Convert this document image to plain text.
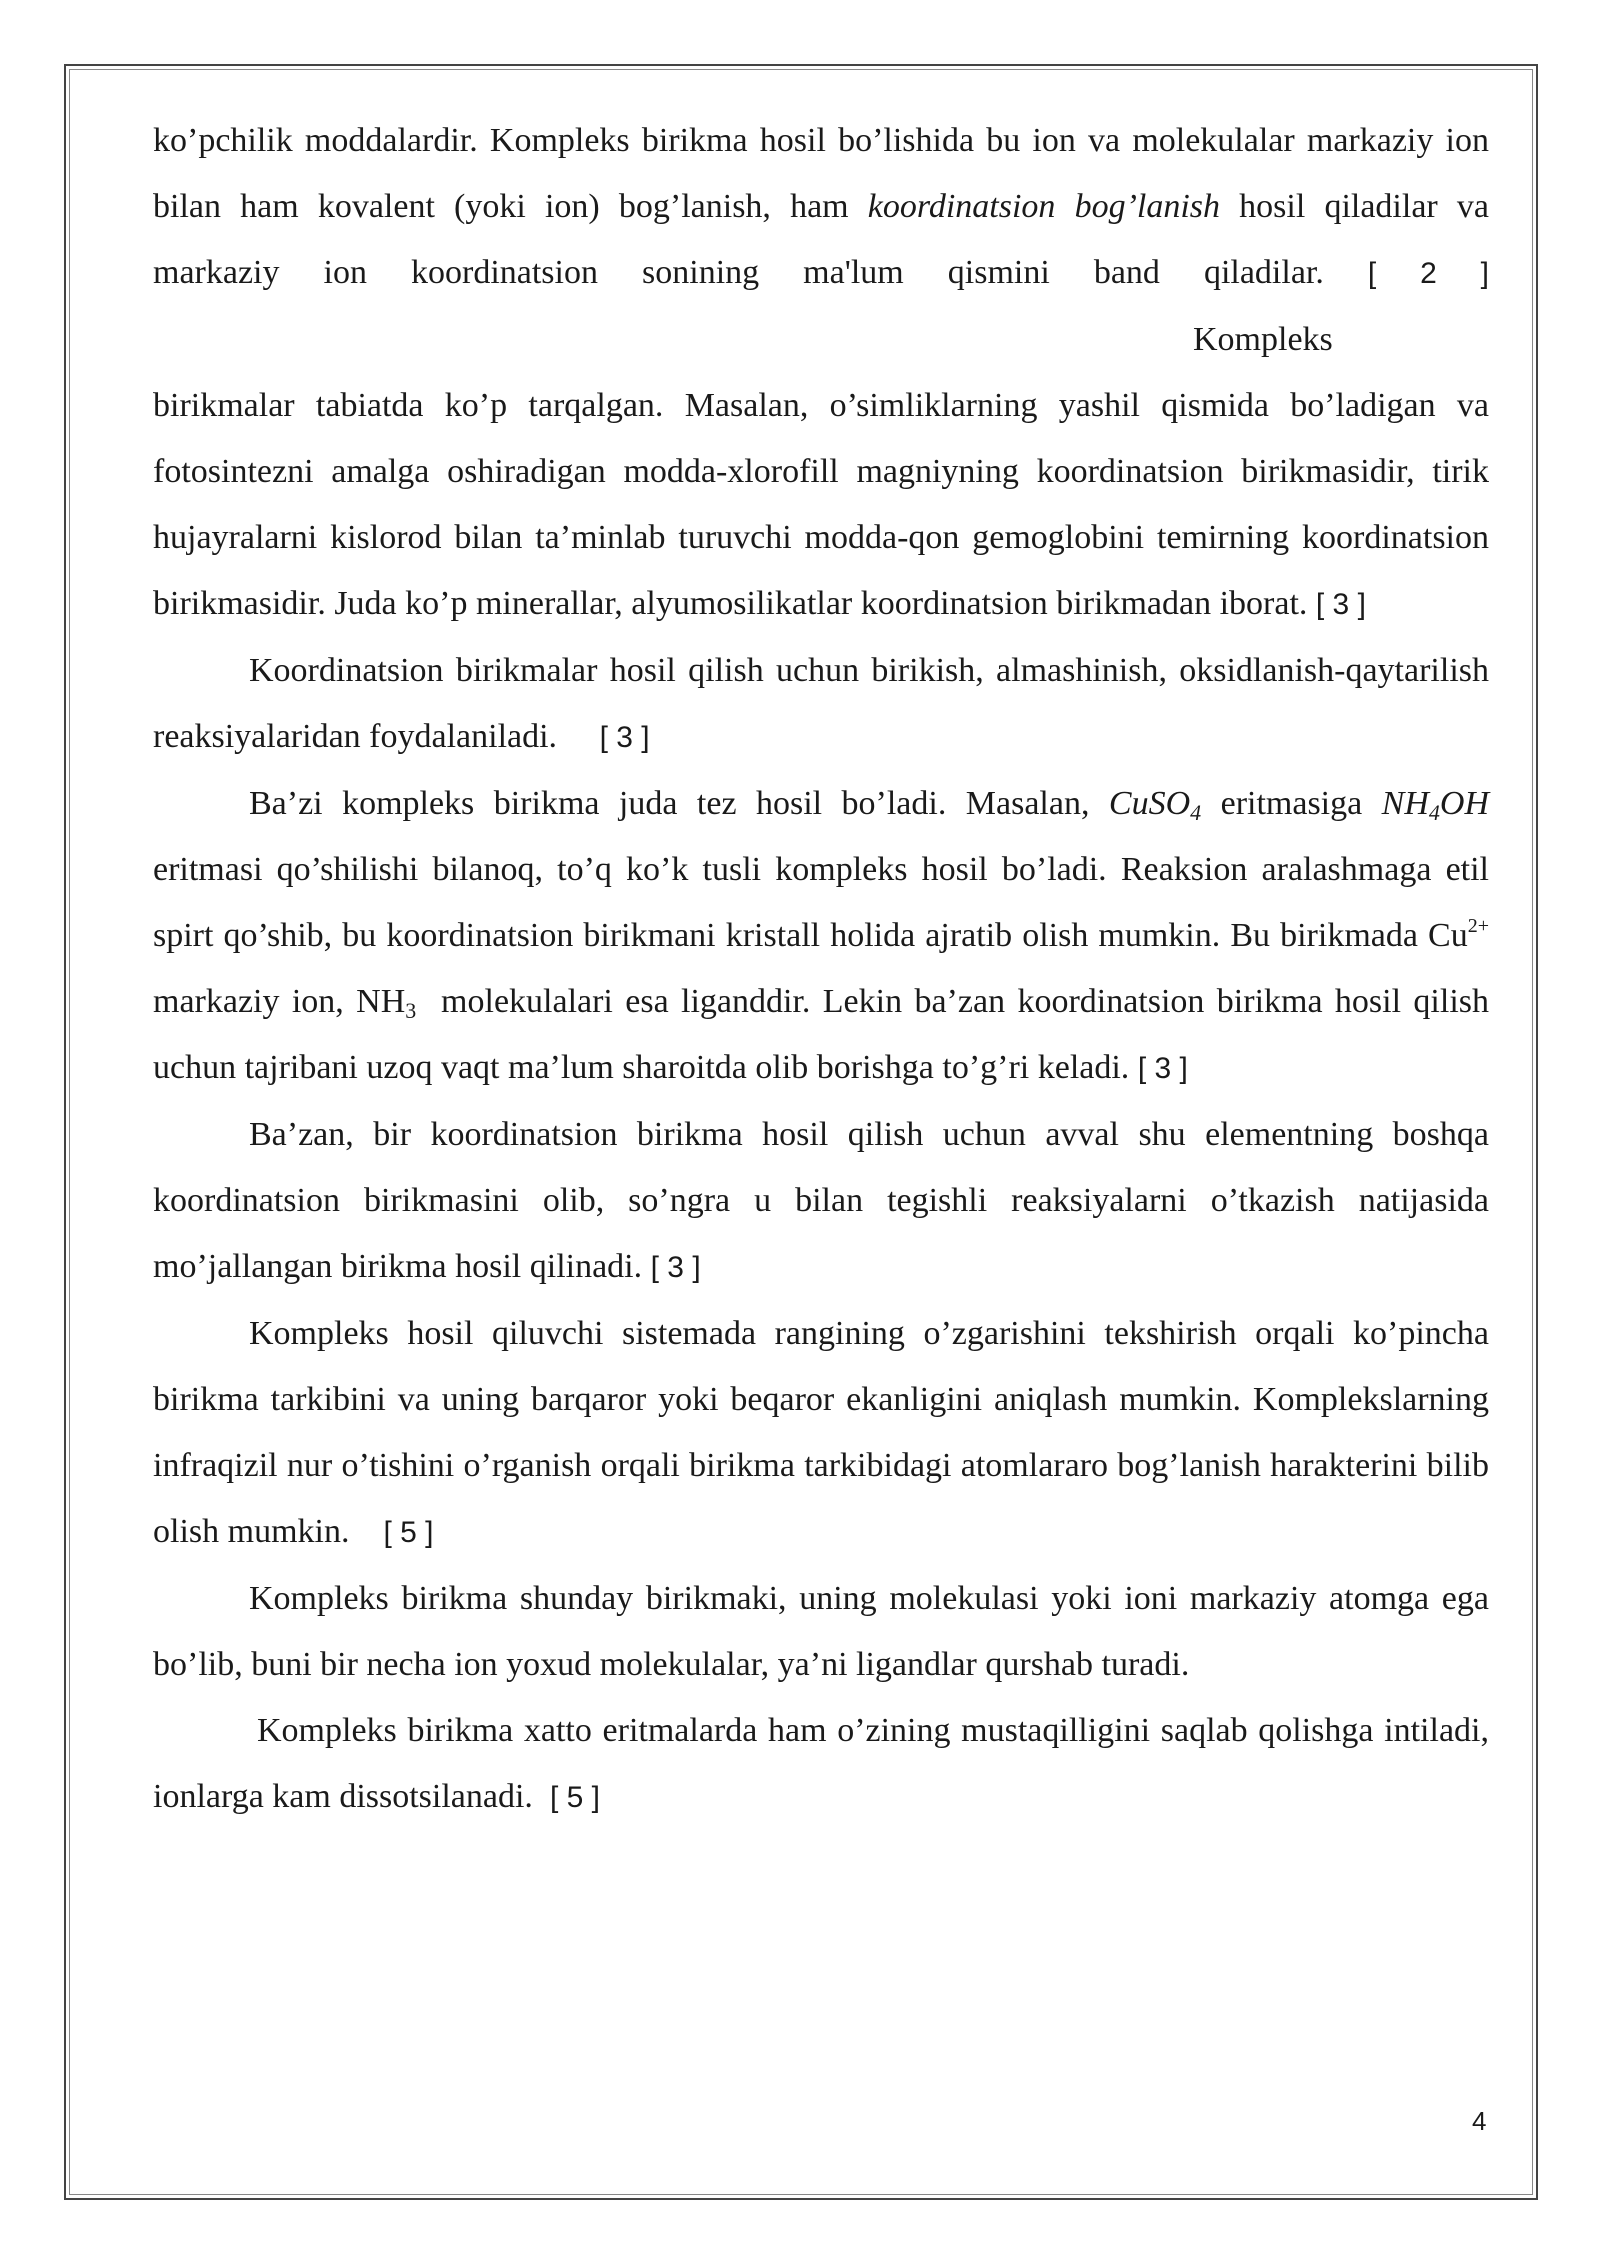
ko’pchilik moddalardir. Kompleks birikma hosil bo’lishida bu ion va molekulalar markaziy ion bilan ham kovalent (yoki ion) bog’lanish, ham koordinatsion bog’lanish hosil qiladilar va markaziy ion koordinatsion sonining ma'lum qismini band qiladilar. [ 2 ]Kompleks

birikmalar tabiatda ko’p tarqalgan. Masalan, o’simliklarning yashil qismida bo’ladigan va fotosintezni amalga oshiradigan modda-xlorofill magniyning koordinatsion birikmasidir, tirik hujayralarni kislorod bilan ta’minlab turuvchi modda-qon gemoglobini temirning koordinatsion birikmasidir. Juda ko’p minerallar, alyumosilikatlar koordinatsion birikmadan iborat. [ 3 ]

Koordinatsion birikmalar hosil qilish uchun birikish, almashinish, oksidlanish-qaytarilish reaksiyalaridan foydalaniladi.     [ 3 ]

Ba’zi kompleks birikma juda tez hosil bo’ladi. Masalan, CuSO$_4$ eritmasiga $NH_4OH$ eritmasi qo’shilishi bilanoq, to’q ko’k tusli kompleks hosil bo’ladi. Reaksion aralashmaga etil spirt qo’shib, bu koordinatsion birikmani kristall holida ajratib olish mumkin. Bu birikmada $Cu^{2+}$ markaziy ion, $NH_3$  molekulalari esa liganddir. Lekin ba’zan koordinatsion birikma hosil qilish uchun tajribani uzoq vaqt ma’lum sharoitda olib borishga to’g’ri keladi. [ 3 ]

Ba’zan, bir koordinatsion birikma hosil qilish uchun avval shu elementning boshqa koordinatsion birikmasini olib, so’ngra u bilan tegishli reaksiyalarni o’tkazish natijasida mo’jallangan birikma hosil qilinadi. [ 3 ]

Kompleks hosil qiluvchi sistemada rangining o’zgarishini tekshirish orqali ko’pincha birikma tarkibini va uning barqaror yoki beqaror ekanligini aniqlash mumkin. Komplekslarning infraqizil nur o’tishini o’rganish orqali birikma tarkibidagi atomlararo bog’lanish harakterini bilib olish mumkin.    [ 5 ]

Kompleks birikma shunday birikmaki, uning molekulasi yoki ioni markaziy atomga ega bo’lib, buni bir necha ion yoxud molekulalar, ya’ni ligandlar qurshab turadi.

Kompleks birikma xatto eritmalarda ham o’zining mustaqilligini saqlab qolishga intiladi, ionlarga kam dissotsilanadi.  [ 5 ]

4
